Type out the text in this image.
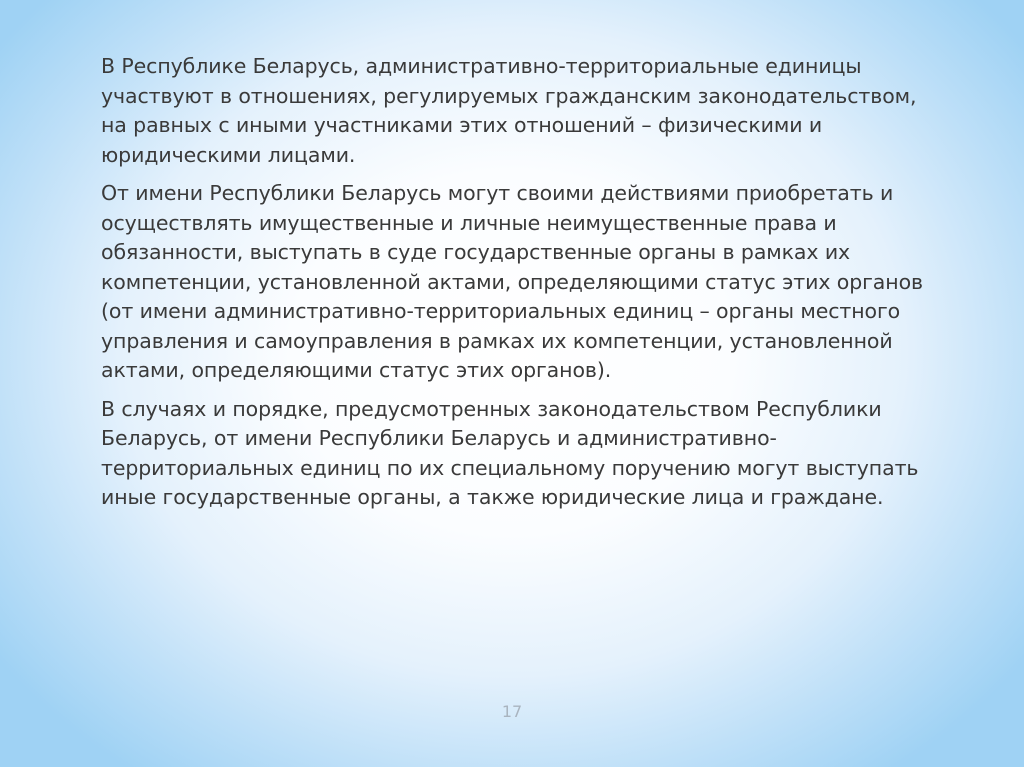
В Республике Беларусь, административно-территориальные единицы участвуют в отношениях, регулируемых гражданским законодательством, на равных с иными участниками этих отношений – физическими и юридическими лицами.

От имени Республики Беларусь могут своими действиями приобретать и осуществлять имущественные и личные неимущественные права и обязанности, выступать в суде государственные органы в рамках их компетенции, установленной актами, определяющими статус этих органов (от имени административно-территориальных единиц – органы местного управления и самоуправления в рамках их компетенции, установленной актами, определяющими статус этих органов).

В случаях и порядке, предусмотренных законодательством Республики Беларусь, от имени Республики Беларусь и административно-территориальных единиц по их специальному поручению могут выступать иные государственные органы, а также юридические лица и граждане.

17
